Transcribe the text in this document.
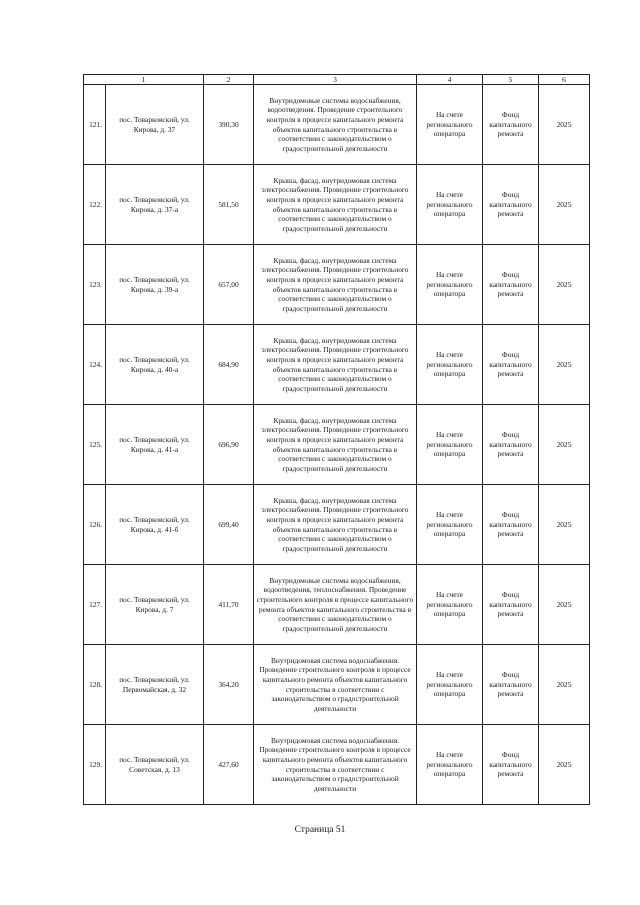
1		2	3	4	5	6
121.	пос. Товарковский, ул. Кирова, д. 37	390,30	Внутридомовые системы водоснабжения, водоотведения. Проведение строительного контроля в процессе капитального ремонта объектов капитального строительства в соответствии с законодательством о градостроительной деятельности	На счете регионального оператора	Фонд капитального ремонта	2025
122.	пос. Товарковский, ул. Кирова, д. 37-а	581,50	Крыша, фасад, внутридомовая система электроснабжения. Проведение строительного контроля в процессе капитального ремонта объектов капитального строительства в соответствии с законодательством о градостроительной деятельности	На счете регионального оператора	Фонд капитального ремонта	2025
123.	пос. Товарковский, ул. Кирова, д. 39-а	657,00	Крыша, фасад, внутридомовая система электроснабжения. Проведение строительного контроля в процессе капитального ремонта объектов капитального строительства в соответствии с законодательством о градостроительной деятельности	На счете регионального оператора	Фонд капитального ремонта	2025
124.	пос. Товарковский, ул. Кирова, д. 40-а	684,90	Крыша, фасад, внутридомовая система электроснабжения. Проведение строительного контроля в процессе капитального ремонта объектов капитального строительства в соответствии с законодательством о градостроительной деятельности	На счете регионального оператора	Фонд капитального ремонта	2025
125.	пос. Товарковский, ул. Кирова, д. 41-а	696,90	Крыша, фасад, внутридомовая система электроснабжения. Проведение строительного контроля в процессе капитального ремонта объектов капитального строительства в соответствии с законодательством о градостроительной деятельности	На счете регионального оператора	Фонд капитального ремонта	2025
126.	пос. Товарковский, ул. Кирова, д. 41-б	699,40	Крыша, фасад, внутридомовая система электроснабжения. Проведение строительного контроля в процессе капитального ремонта объектов капитального строительства в соответствии с законодательством о градостроительной деятельности	На счете регионального оператора	Фонд капитального ремонта	2025
127.	пос. Товарковский, ул. Кирова, д. 7	411,70	Внутридомовые системы водоснабжения, водоотведения, теплоснабжения. Проведение строительного контроля в процессе капитального ремонта объектов капитального строительства в соответствии с законодательством о градостроительной деятельности	На счете регионального оператора	Фонд капитального ремонта	2025
128.	пос. Товарковский, ул. Первомайская, д. 32	364,20	Внутридомовая система водоснабжения. Проведение строительного контроля в процессе капитального ремонта объектов капитального строительства в соответствии с законодательством о градостроительной деятельности	На счете регионального оператора	Фонд капитального ремонта	2025
129.	пос. Товарковский, ул. Советская, д. 13	427,60	Внутридомовая система водоснабжения. Проведение строительного контроля в процессе капитального ремонта объектов капитального строительства в соответствии с законодательством о градостроительной деятельности	На счете регионального оператора	Фонд капитального ремонта	2025
Страница 51
